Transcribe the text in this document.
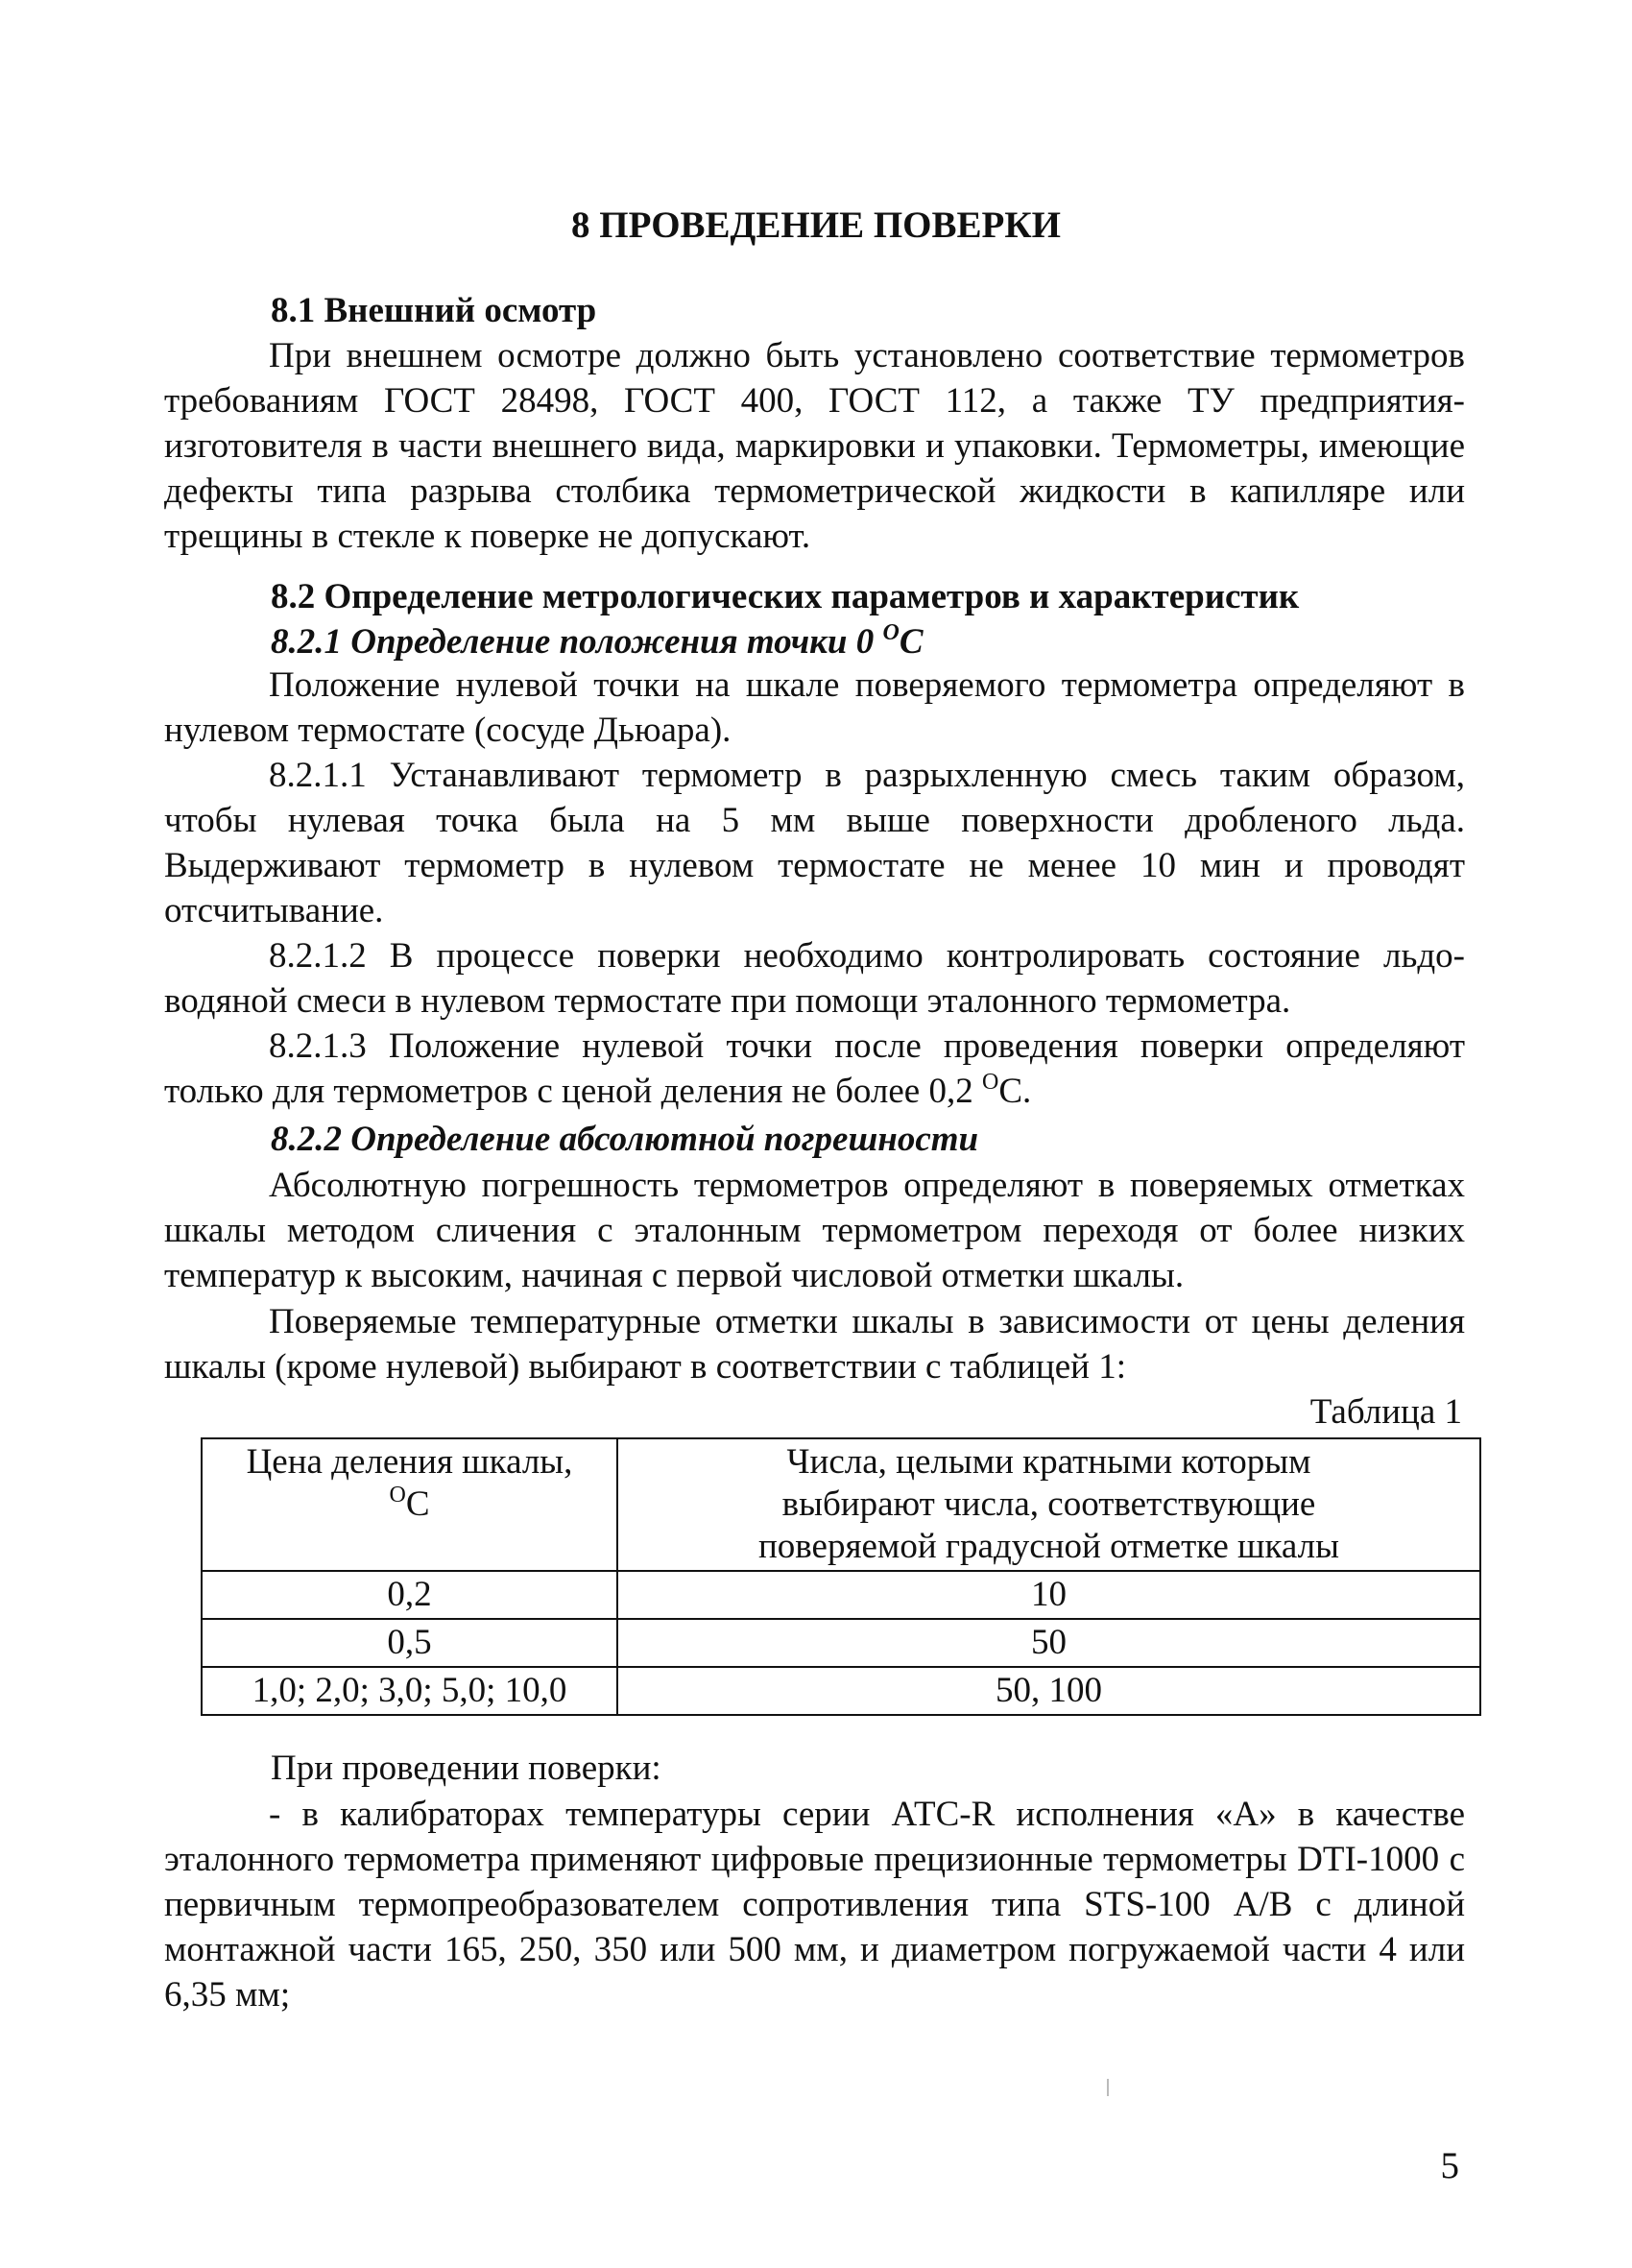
8 ПРОВЕДЕНИЕ ПОВЕРКИ

8.1 Внешний осмотр

При внешнем осмотре должно быть установлено соответствие термометров требованиям ГОСТ 28498, ГОСТ 400, ГОСТ 112, а также ТУ предприятия-изготовителя в части внешнего вида, маркировки и упаковки. Термометры, имеющие дефекты типа разрыва столбика термометрической жидкости в капилляре или трещины в стекле к поверке не допускают.

8.2 Определение метрологических параметров и характеристик

8.2.1 Определение положения точки 0 $^O$C

Положение нулевой точки на шкале поверяемого термометра определяют в нулевом термостате (сосуде Дьюара).

8.2.1.1 Устанавливают термометр в разрыхленную смесь таким образом, чтобы нулевая точка была на 5 мм выше поверхности дробленого льда. Выдерживают термометр в нулевом термостате не менее 10 мин и проводят отсчитывание.

8.2.1.2 В процессе поверки необходимо контролировать состояние льдо-водяной смеси в нулевом термостате при помощи эталонного термометра.

8.2.1.3 Положение нулевой точки после проведения поверки определяют только для термометров с ценой деления не более 0,2 $^O$С.

8.2.2 Определение абсолютной погрешности

Абсолютную погрешность термометров определяют в поверяемых отметках шкалы методом сличения с эталонным термометром переходя от более низких температур к высоким, начиная с первой числовой отметки шкалы.

Поверяемые температурные отметки шкалы в зависимости от цены деления шкалы (кроме нулевой) выбирают в соответствии с таблицей 1:

Таблица 1

Цена деления шкалы,
$^O$C	Числа, целыми кратными которым выбирают числа, соответствующие поверяемой градусной отметке шкалы
0,2	10
0,5	50
1,0; 2,0; 3,0; 5,0; 10,0	50, 100

При проведении поверки:

- в калибраторах температуры серии АТС-R исполнения «А» в качестве эталонного термометра применяют цифровые прецизионные термометры DTI-1000 с первичным термопреобразователем сопротивления типа STS-100 А/В с длиной монтажной части 165, 250, 350 или 500 мм, и диаметром погружаемой части 4 или 6,35 мм;

5
